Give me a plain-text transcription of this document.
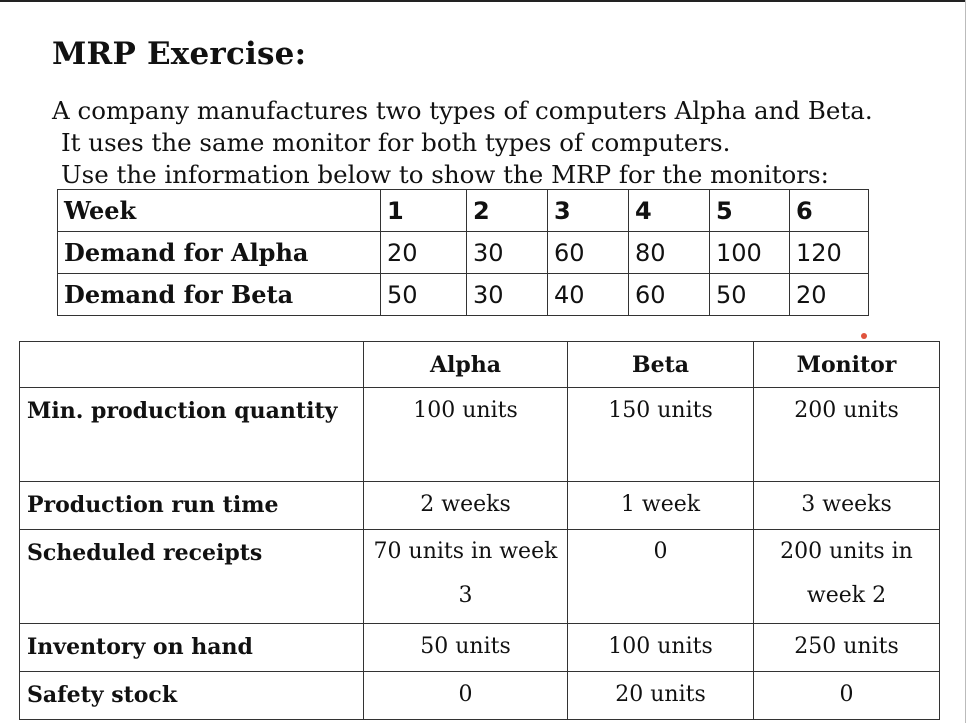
MRP Exercise:
A company manufactures two types of computers Alpha and Beta.
It uses the same monitor for both types of computers.
Use the information below to show the MRP for the monitors:
Week	1	2	3	4	5	6
Demand for Alpha	20	30	60	80	100	120
Demand for Beta	50	30	40	60	50	20
	Alpha	Beta	Monitor
Min. production quantity	100 units	150 units	200 units
Production run time	2 weeks	1 week	3 weeks
Scheduled receipts	70 units in week 3	0	200 units in week 2
Inventory on hand	50 units	100 units	250 units
Safety stock	0	20 units	0
